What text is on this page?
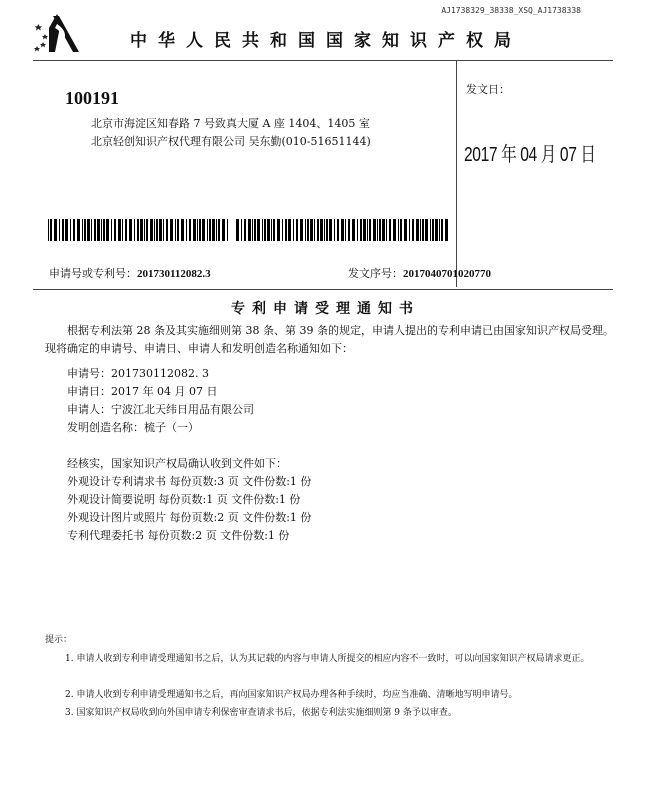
AJ1738329_38338_XSQ_AJ1738338
中华人民共和国国家知识产权局
100191
北京市海淀区知春路 7 号致真大厦 A 座 1404、1405 室
北京轻创知识产权代理有限公司 吴东勤(010-51651144)
发文日：
2017 年 04 月 07 日
申请号或专利号：201730112082.3	发文序号：2017040701020770
专利申请受理通知书
根据专利法第 28 条及其实施细则第 38 条、第 39 条的规定，申请人提出的专利申请已由国家知识产权局受理。现将确定的申请号、申请日、申请人和发明创造名称通知如下：
申请号：201730112082. 3
申请日：2017 年 04 月 07 日
申请人：宁波江北天纬日用品有限公司
发明创造名称：梳子（一）
经核实，国家知识产权局确认收到文件如下：
外观设计专利请求书 每份页数:3 页 文件份数:1 份
外观设计简要说明 每份页数:1 页 文件份数:1 份
外观设计图片或照片 每份页数:2 页 文件份数:1 份
专利代理委托书 每份页数:2 页 文件份数:1 份
提示：
1. 申请人收到专利申请受理通知书之后，认为其记载的内容与申请人所提交的相应内容不一致时，可以向国家知识产权局请求更正。
2. 申请人收到专利申请受理通知书之后，再向国家知识产权局办理各种手续时，均应当准确、清晰地写明申请号。
3. 国家知识产权局收到向外国申请专利保密审查请求书后，依据专利法实施细则第 9 条予以审查。
